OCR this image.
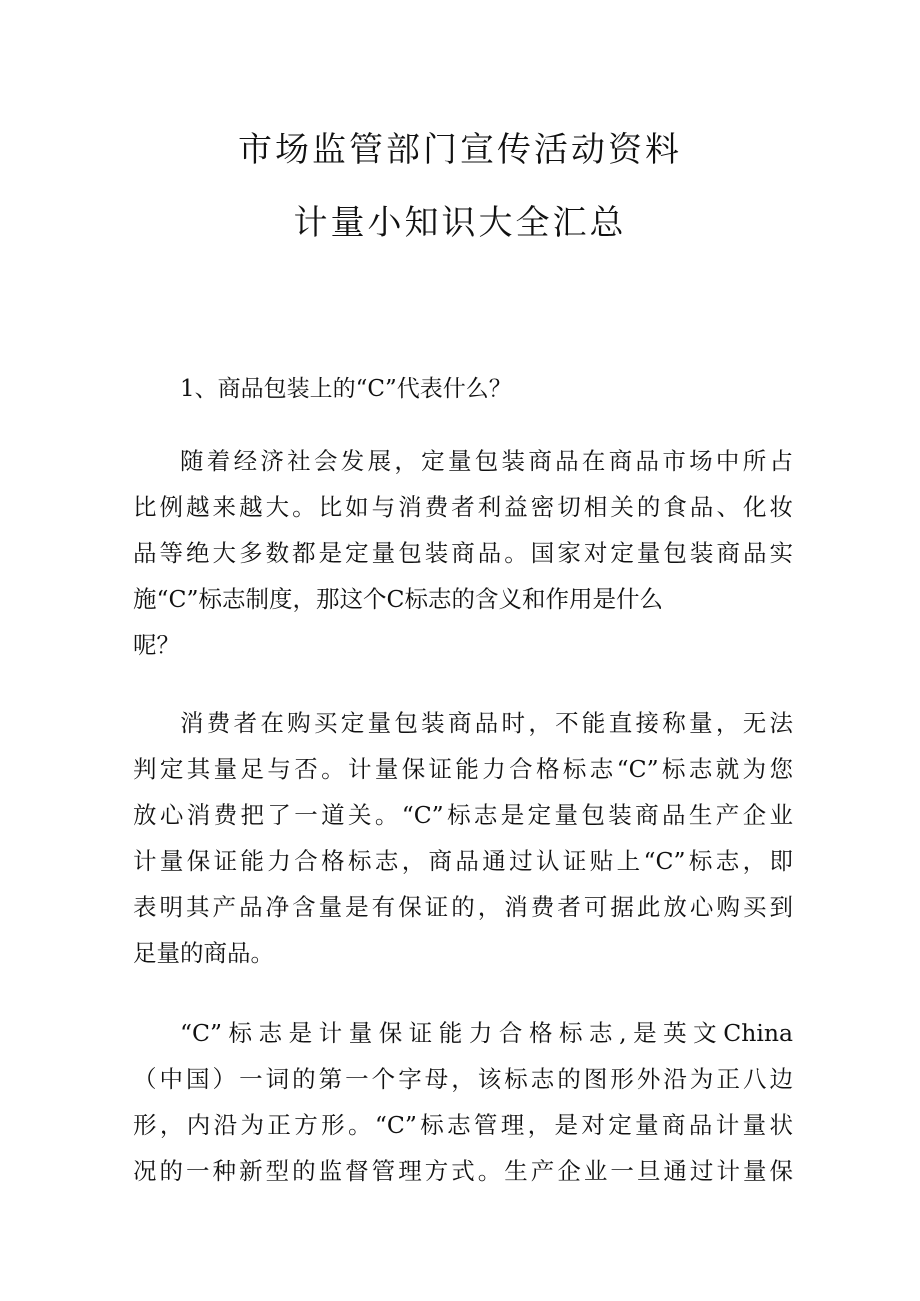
市场监管部门宣传活动资料
计量小知识大全汇总
1、商品包装上的“C”代表什么？
随着经济社会发展，定量包装商品在商品市场中所占
比例越来越大。比如与消费者利益密切相关的食品、化妆
品等绝大多数都是定量包装商品。国家对定量包装商品实
施“C”标志制度，那这个C标志的含义和作用是什么
呢？
消费者在购买定量包装商品时，不能直接称量，无法
判定其量足与否。计量保证能力合格标志“C”标志就为您
放心消费把了一道关。“C”标志是定量包装商品生产企业
计量保证能力合格标志，商品通过认证贴上“C”标志，即
表明其产品净含量是有保证的，消费者可据此放心购买到
足量的商品。
“C”标志是计量保证能力合格标志,是英文China
（中国）一词的第一个字母，该标志的图形外沿为正八边
形，内沿为正方形。“C”标志管理，是对定量商品计量状
况的一种新型的监督管理方式。生产企业一旦通过计量保
